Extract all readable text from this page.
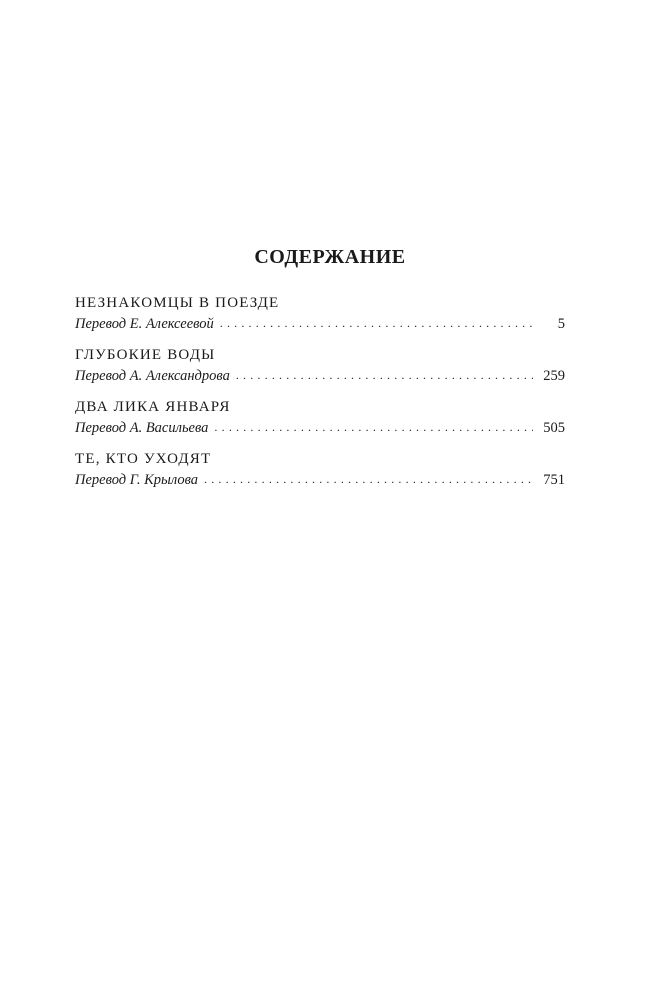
СОДЕРЖАНИЕ
НЕЗНАКОМЦЫ В ПОЕЗДЕ
Перевод Е. Алексеевой . . .	5
ГЛУБОКИЕ ВОДЫ
Перевод А. Александрова . . .	259
ДВА ЛИКА ЯНВАРЯ
Перевод А. Васильева . . .	505
ТЕ, КТО УХОДЯТ
Перевод Г. Крылова . . .	751
